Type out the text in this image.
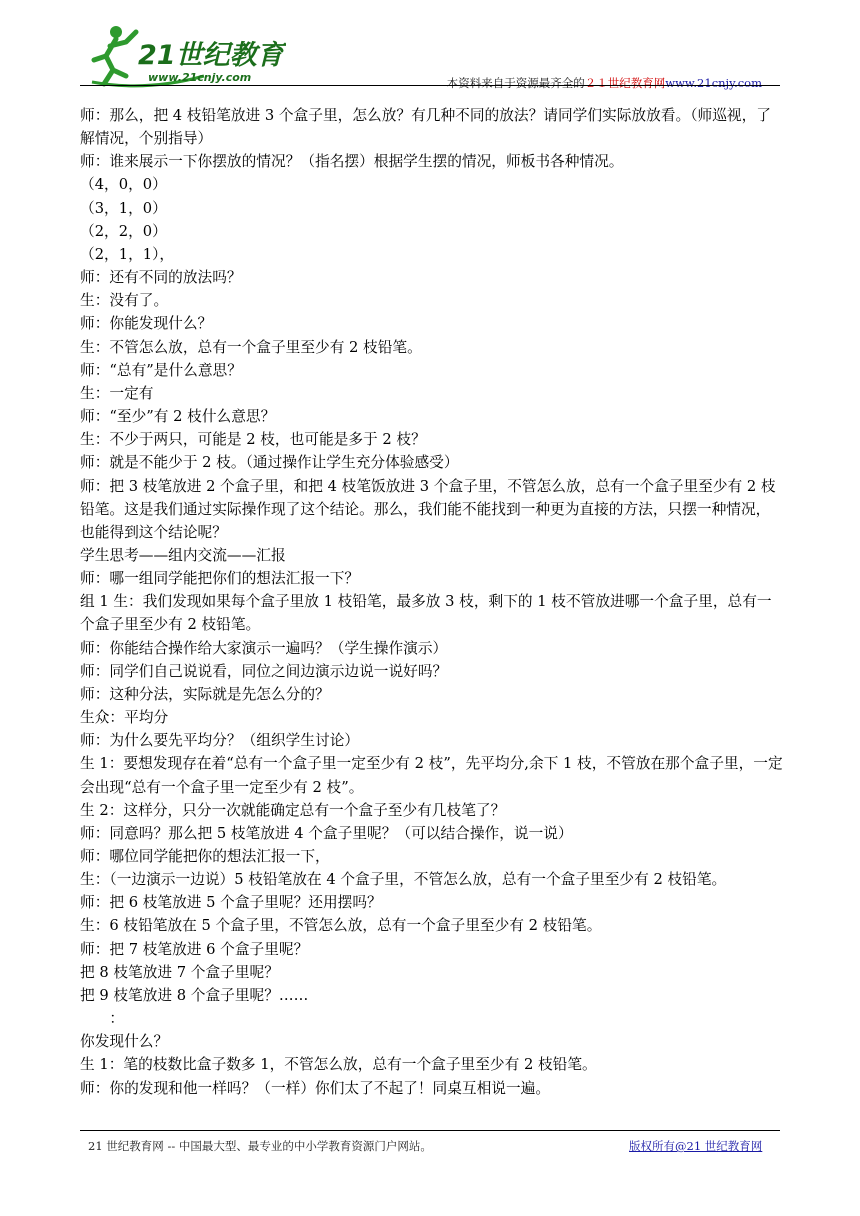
21世纪教育
www.21cnjy.com	本资料来自于资源最齐全的２１世纪教育网www.21cnjy.com

师：那么，把 4 枝铅笔放进 3 个盒子里，怎么放？有几种不同的放法？请同学们实际放放看。（师巡视，了解情况，个别指导）

师：谁来展示一下你摆放的情况？（指名摆）根据学生摆的情况，师板书各种情况。

（4，0，0）

（3，1，0）

（2，2，0）

（2，1，1），

师：还有不同的放法吗？

生：没有了。

师：你能发现什么？

生：不管怎么放，总有一个盒子里至少有 2 枝铅笔。

师：“总有”是什么意思？

生：一定有

师：“至少”有 2 枝什么意思？

生：不少于两只，可能是 2 枝，也可能是多于 2 枝？

师：就是不能少于 2 枝。（通过操作让学生充分体验感受）

师：把 3 枝笔放进 2 个盒子里，和把 4 枝笔饭放进 3 个盒子里，不管怎么放，总有一个盒子里至少有 2 枝铅笔。这是我们通过实际操作现了这个结论。那么，我们能不能找到一种更为直接的方法，只摆一种情况，也能得到这个结论呢？

学生思考——组内交流——汇报

师：哪一组同学能把你们的想法汇报一下？

组 1 生：我们发现如果每个盒子里放 1 枝铅笔，最多放 3 枝，剩下的 1 枝不管放进哪一个盒子里，总有一个盒子里至少有 2 枝铅笔。

师：你能结合操作给大家演示一遍吗？（学生操作演示）

师：同学们自己说说看，同位之间边演示边说一说好吗？

师：这种分法，实际就是先怎么分的？

生众：平均分

师：为什么要先平均分？（组织学生讨论）

生 1：要想发现存在着“总有一个盒子里一定至少有 2 枝”，先平均分,余下 1 枝，不管放在那个盒子里，一定会出现“总有一个盒子里一定至少有 2 枝”。

生 2：这样分，只分一次就能确定总有一个盒子至少有几枝笔了？

师：同意吗？那么把 5 枝笔放进 4 个盒子里呢？（可以结合操作，说一说）

师：哪位同学能把你的想法汇报一下，

生：（一边演示一边说）5 枝铅笔放在 4 个盒子里，不管怎么放，总有一个盒子里至少有 2 枝铅笔。

师：把 6 枝笔放进 5 个盒子里呢？还用摆吗？

生：6 枝铅笔放在 5 个盒子里，不管怎么放，总有一个盒子里至少有 2 枝铅笔。

师：把 7 枝笔放进 6 个盒子里呢？

把 8 枝笔放进 7 个盒子里呢？

把 9 枝笔放进 8 个盒子里呢？……

　　：

你发现什么？

生 1：笔的枝数比盒子数多 1，不管怎么放，总有一个盒子里至少有 2 枝铅笔。

师：你的发现和他一样吗？（一样）你们太了不起了！同桌互相说一遍。

21 世纪教育网 -- 中国最大型、最专业的中小学教育资源门户网站。	版权所有@21 世纪教育网
